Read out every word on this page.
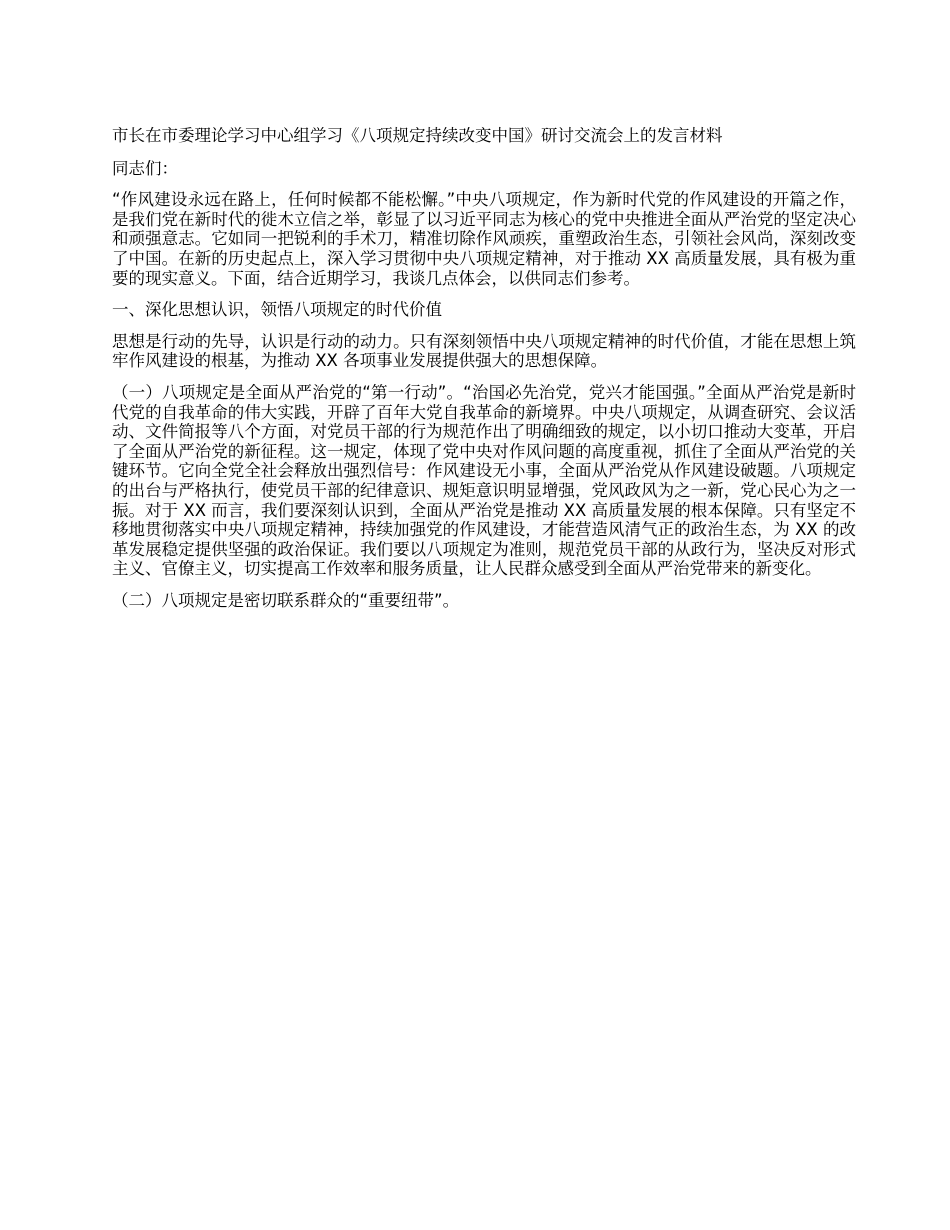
市长在市委理论学习中心组学习《八项规定持续改变中国》研讨交流会上的发言材料

同志们：

“作风建设永远在路上，任何时候都不能松懈。”中央八项规定，作为新时代党的作风建设的开篇之作，是我们党在新时代的徙木立信之举，彰显了以习近平同志为核心的党中央推进全面从严治党的坚定决心和顽强意志。它如同一把锐利的手术刀，精准切除作风顽疾，重塑政治生态，引领社会风尚，深刻改变了中国。在新的历史起点上，深入学习贯彻中央八项规定精神，对于推动 XX 高质量发展，具有极为重要的现实意义。下面，结合近期学习，我谈几点体会，以供同志们参考。

一、深化思想认识，领悟八项规定的时代价值

思想是行动的先导，认识是行动的动力。只有深刻领悟中央八项规定精神的时代价值，才能在思想上筑牢作风建设的根基，为推动 XX 各项事业发展提供强大的思想保障。

（一）八项规定是全面从严治党的“第一行动”。“治国必先治党，党兴才能国强。”全面从严治党是新时代党的自我革命的伟大实践，开辟了百年大党自我革命的新境界。中央八项规定，从调查研究、会议活动、文件简报等八个方面，对党员干部的行为规范作出了明确细致的规定，以小切口推动大变革，开启了全面从严治党的新征程。这一规定，体现了党中央对作风问题的高度重视，抓住了全面从严治党的关键环节。它向全党全社会释放出强烈信号：作风建设无小事，全面从严治党从作风建设破题。八项规定的出台与严格执行，使党员干部的纪律意识、规矩意识明显增强，党风政风为之一新，党心民心为之一振。对于 XX 而言，我们要深刻认识到，全面从严治党是推动 XX 高质量发展的根本保障。只有坚定不移地贯彻落实中央八项规定精神，持续加强党的作风建设，才能营造风清气正的政治生态，为 XX 的改革发展稳定提供坚强的政治保证。我们要以八项规定为准则，规范党员干部的从政行为，坚决反对形式主义、官僚主义，切实提高工作效率和服务质量，让人民群众感受到全面从严治党带来的新变化。

（二）八项规定是密切联系群众的“重要纽带”。
